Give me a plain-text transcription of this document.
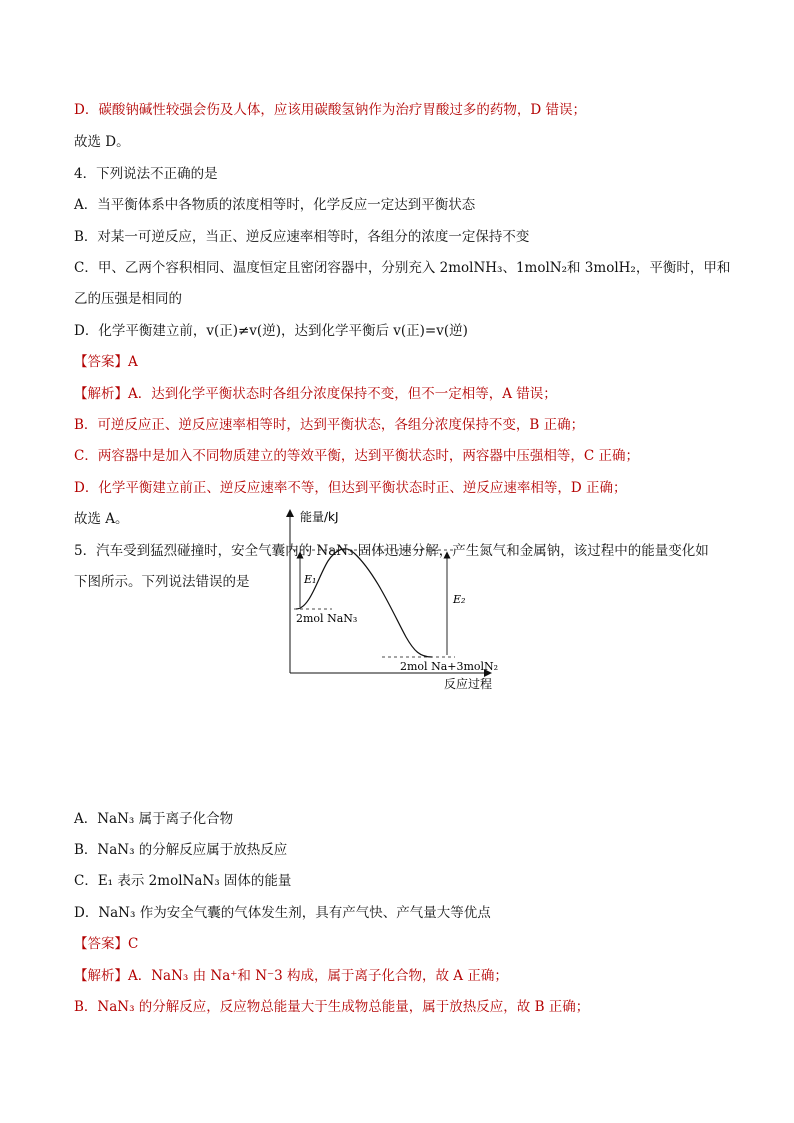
D．碳酸钠碱性较强会伤及人体，应该用碳酸氢钠作为治疗胃酸过多的药物，D 错误；
故选 D。
4．下列说法不正确的是
A．当平衡体系中各物质的浓度相等时，化学反应一定达到平衡状态
B．对某一可逆反应，当正、逆反应速率相等时，各组分的浓度一定保持不变
C．甲、乙两个容积相同、温度恒定且密闭容器中，分别充入 2molNH₃、1molN₂和 3molH₂，平衡时，甲和
乙的压强是相同的
D．化学平衡建立前，v(正)≠v(逆)，达到化学平衡后 v(正)=v(逆)
【答案】A
【解析】A．达到化学平衡状态时各组分浓度保持不变，但不一定相等，A 错误；
B．可逆反应正、逆反应速率相等时，达到平衡状态，各组分浓度保持不变，B 正确；
C．两容器中是加入不同物质建立的等效平衡，达到平衡状态时，两容器中压强相等，C 正确；
D．化学平衡建立前正、逆反应速率不等，但达到平衡状态时正、逆反应速率相等，D 正确；
故选 A。
5．汽车受到猛烈碰撞时，安全气囊内的 NaN₃ 固体迅速分解，产生氮气和金属钠，该过程中的能量变化如
下图所示。下列说法错误的是
A．NaN₃ 属于离子化合物
B．NaN₃ 的分解反应属于放热反应
C．E₁ 表示 2molNaN₃ 固体的能量
D．NaN₃ 作为安全气囊的气体发生剂，具有产气快、产气量大等优点
【答案】C
【解析】A．NaN₃ 由 Na⁺和 N⁻3 构成，属于离子化合物，故 A 正确；
B．NaN₃ 的分解反应，反应物总能量大于生成物总能量，属于放热反应，故 B 正确；
能量/kJ
反应过程
E₁
E₂
2mol NaN₃
2mol Na+3molN₂
